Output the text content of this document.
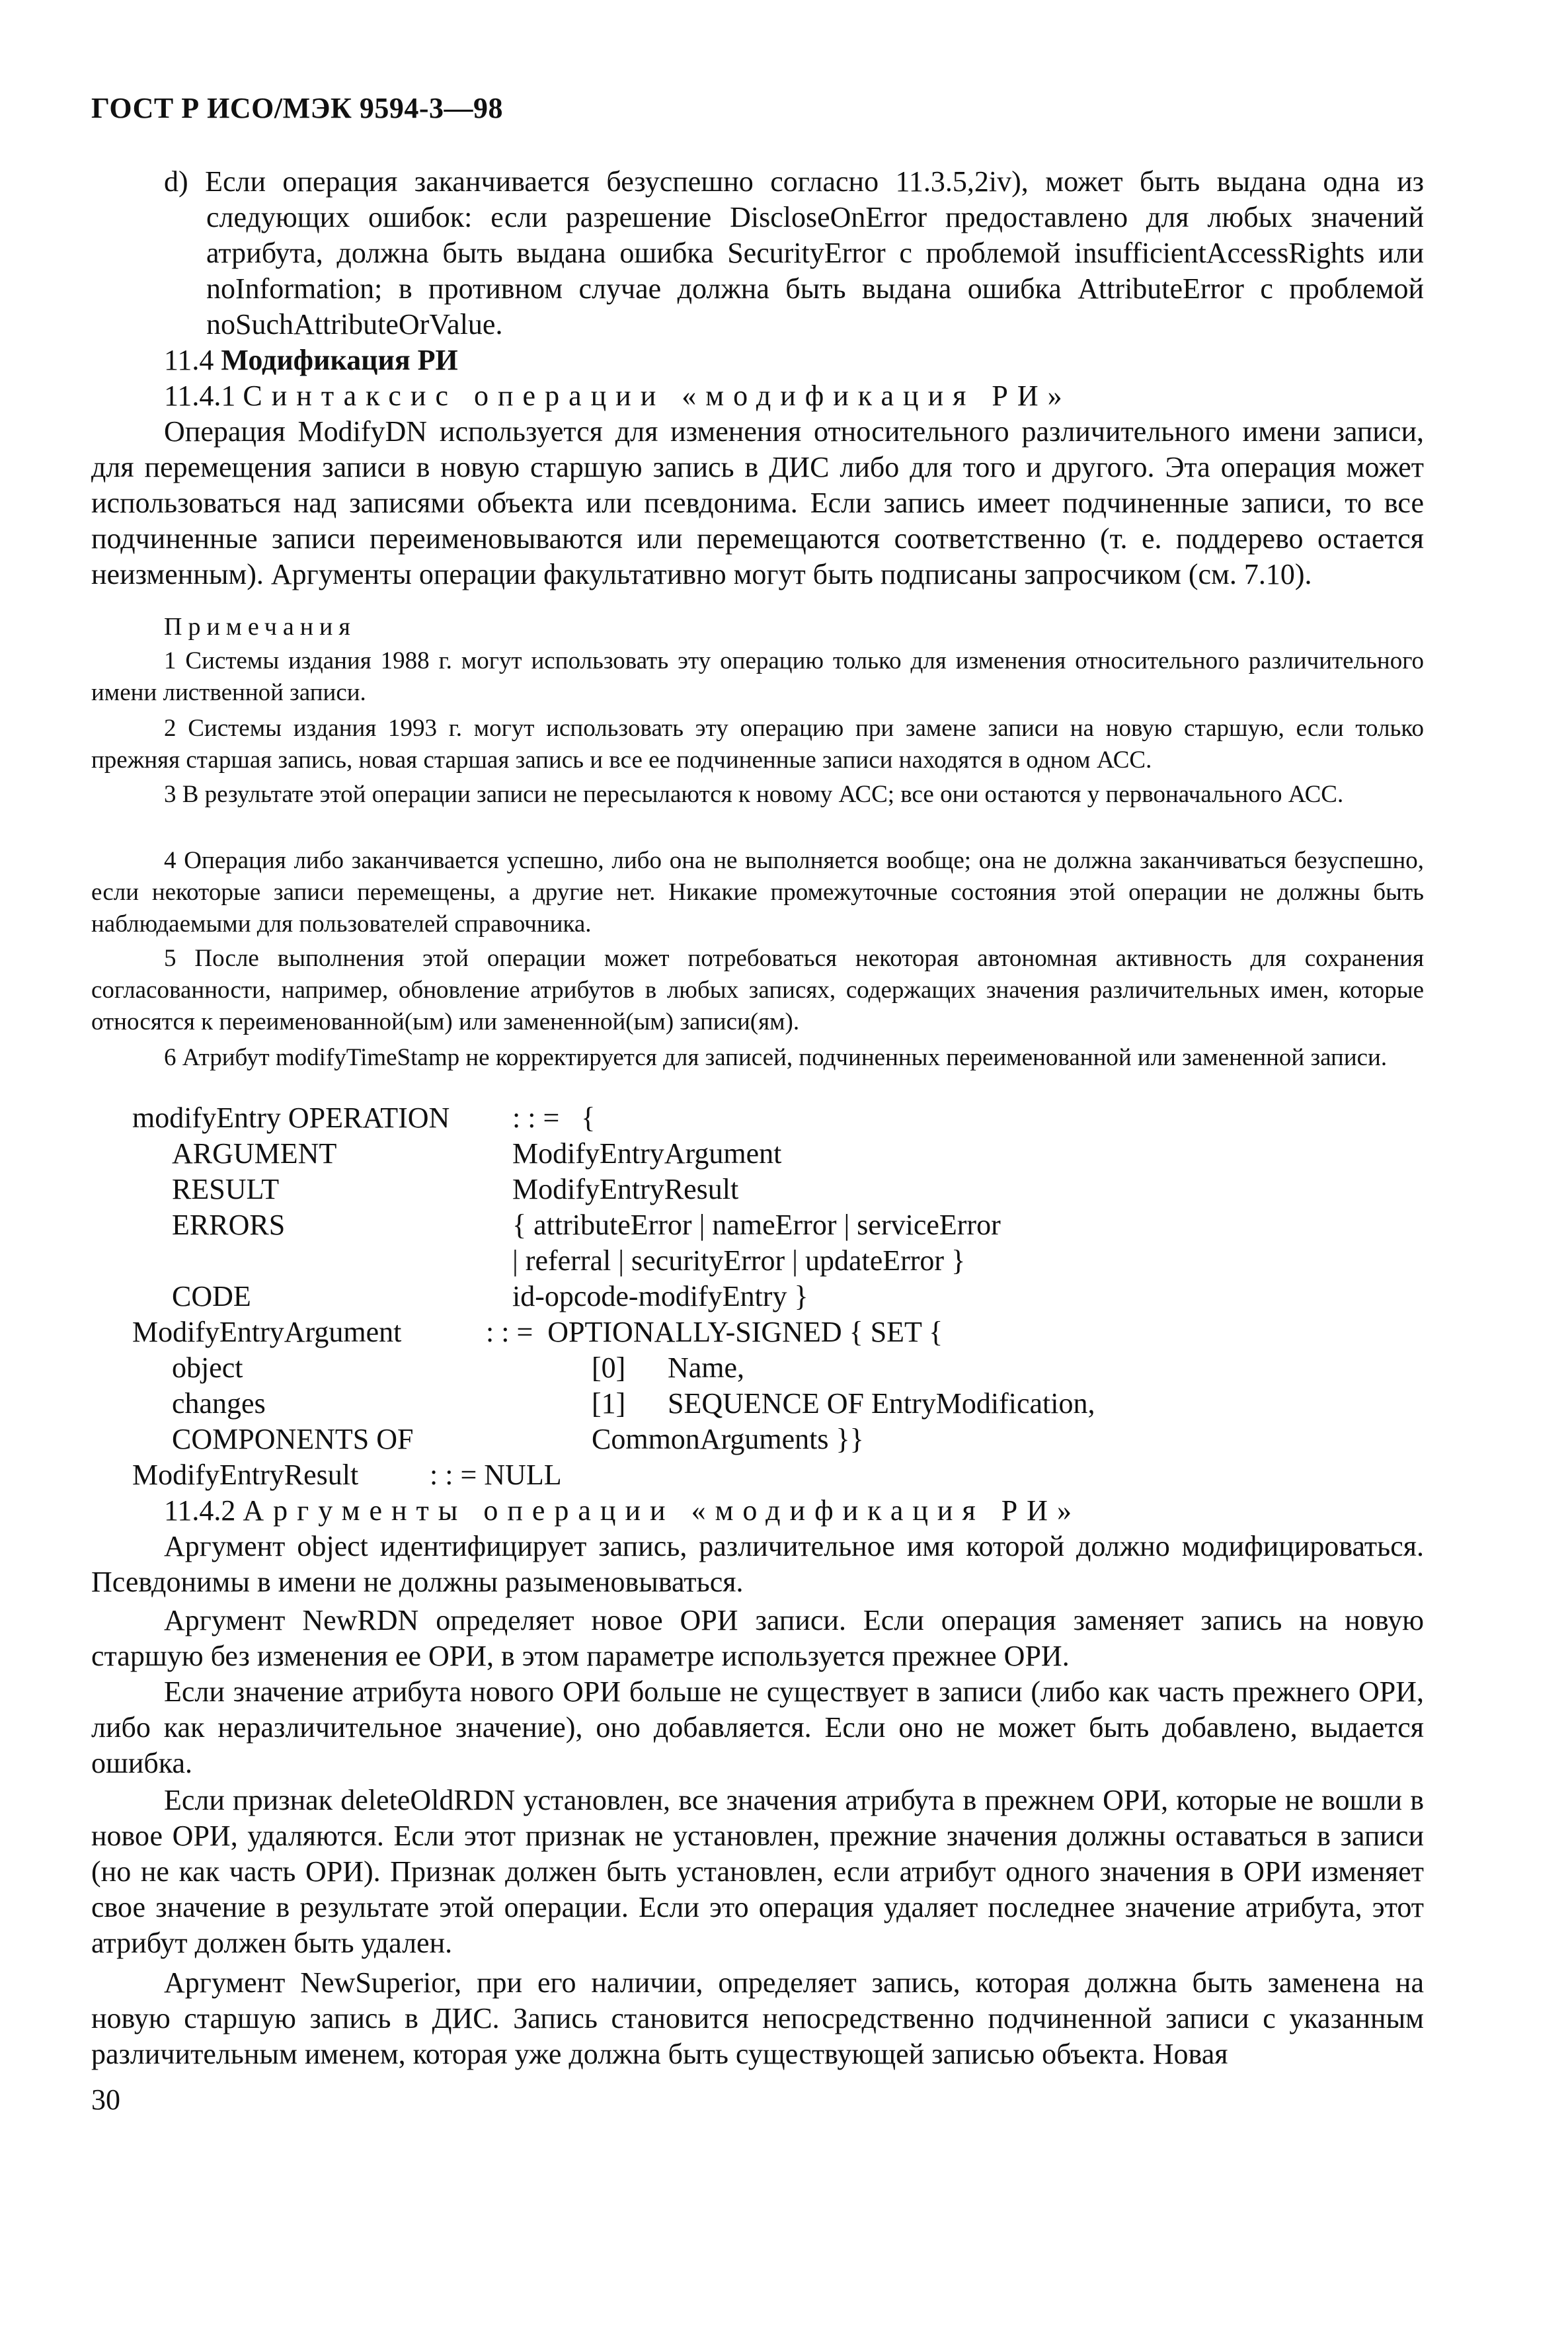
ГОСТ Р ИСО/МЭК 9594-3—98
d) Если операция заканчивается безуспешно согласно 11.3.5,2iv), может быть выдана одна из следующих ошибок: если разрешение DiscloseOnError предоставлено для любых значений атрибута, должна быть выдана ошибка SecurityError с проблемой insufficientAccessRights или noInformation; в противном случае должна быть выдана ошибка AttributeError с проблемой noSuchAttributeOrValue.
11.4 Модификация РИ
11.4.1 Синтаксис операции «модификация РИ»
Операция ModifyDN используется для изменения относительного различительного имени записи, для перемещения записи в новую старшую запись в ДИС либо для того и другого. Эта операция может использоваться над записями объекта или псевдонима. Если запись имеет подчиненные записи, то все подчиненные записи переименовываются или перемещаются соответственно (т. е. поддерево остается неизменным). Аргументы операции факультативно могут быть подписаны запросчиком (см. 7.10).
Примечания
1 Системы издания 1988 г. могут использовать эту операцию только для изменения относительного различительного имени лиственной записи.
2 Системы издания 1993 г. могут использовать эту операцию при замене записи на новую старшую, если только прежняя старшая запись, новая старшая запись и все ее подчиненные записи находятся в одном АСС.
3 В результате этой операции записи не пересылаются к новому АСС; все они остаются у первоначального АСС.
4 Операция либо заканчивается успешно, либо она не выполняется вообще; она не должна заканчиваться безуспешно, если некоторые записи перемещены, а другие нет. Никакие промежуточные состояния этой операции не должны быть наблюдаемыми для пользователей справочника.
5 После выполнения этой операции может потребоваться некоторая автономная активность для сохранения согласованности, например, обновление атрибутов в любых записях, содержащих значения различительных имен, которые относятся к переименованной(ым) или замененной(ым) записи(ям).
6 Атрибут modifyTimeStamp не корректируется для записей, подчиненных переименованной или замененной записи.
modifyEntry OPERATION : : =   {
ARGUMENT	ModifyEntryArgument
RESULT	ModifyEntryResult
ERRORS	{ attributeError | nameError | serviceError
| referral | securityError | updateError }
CODE	id-opcode-modifyEntry }
ModifyEntryArgument	: : =  OPTIONALLY-SIGNED { SET {
object	[0] Name,
changes	[1] SEQUENCE OF EntryModification,
COMPONENTS OF	CommonArguments }}
ModifyEntryResult : : = NULL
11.4.2 Аргументы операции «модификация РИ»
Аргумент object идентифицирует запись, различительное имя которой должно модифицироваться. Псевдонимы в имени не должны разыменовываться.
Аргумент NewRDN определяет новое ОРИ записи. Если операция заменяет запись на новую старшую без изменения ее ОРИ, в этом параметре используется прежнее ОРИ.
Если значение атрибута нового ОРИ больше не существует в записи (либо как часть прежнего ОРИ, либо как неразличительное значение), оно добавляется. Если оно не может быть добавлено, выдается ошибка.
Если признак deleteOldRDN установлен, все значения атрибута в прежнем ОРИ, которые не вошли в новое ОРИ, удаляются. Если этот признак не установлен, прежние значения должны оставаться в записи (но не как часть ОРИ). Признак должен быть установлен, если атрибут одного значения в ОРИ изменяет свое значение в результате этой операции. Если это операция удаляет последнее значение атрибута, этот атрибут должен быть удален.
Аргумент NewSuperior, при его наличии, определяет запись, которая должна быть заменена на новую старшую запись в ДИС. Запись становится непосредственно подчиненной записи с указанным различительным именем, которая уже должна быть существующей записью объекта. Новая
30
